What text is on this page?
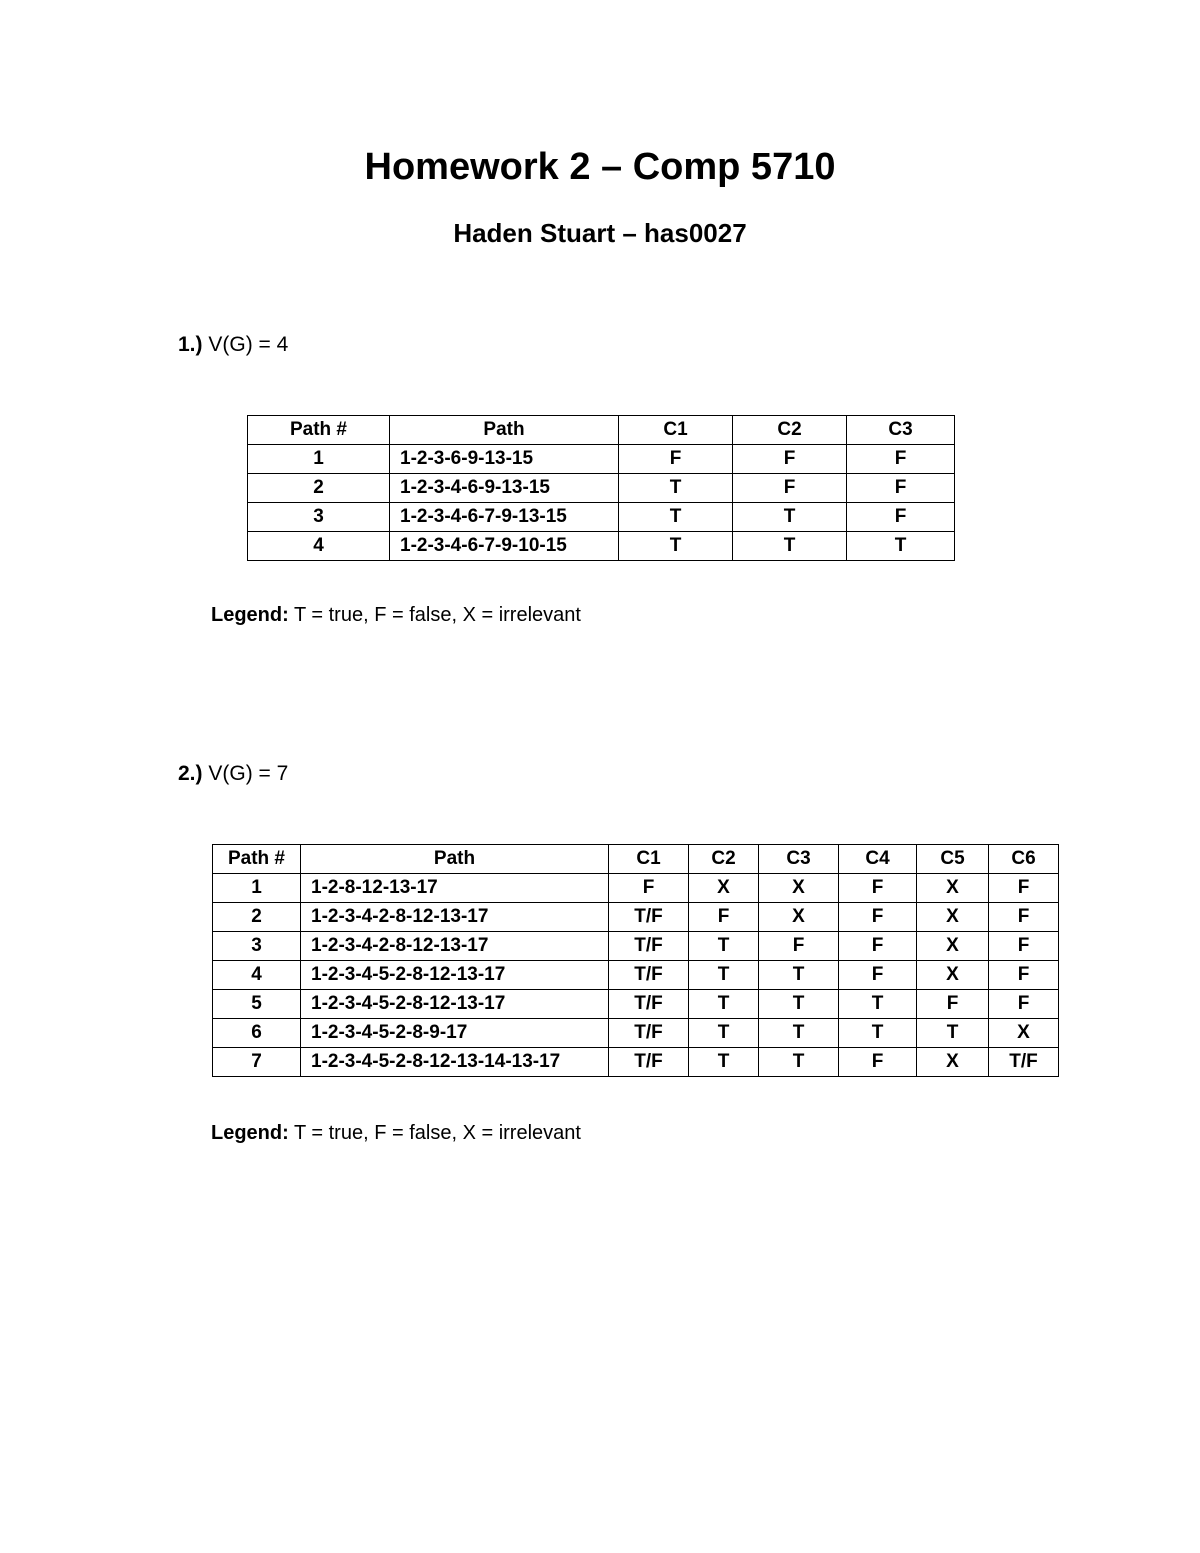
Homework 2 – Comp 5710
Haden Stuart – has0027
1.) V(G) = 4
Path #	Path	C1	C2	C3
1	1-2-3-6-9-13-15	F	F	F
2	1-2-3-4-6-9-13-15	T	F	F
3	1-2-3-4-6-7-9-13-15	T	T	F
4	1-2-3-4-6-7-9-10-15	T	T	T
Legend: T = true, F = false, X = irrelevant
2.) V(G) = 7
Path #	Path	C1	C2	C3	C4	C5	C6
1	1-2-8-12-13-17	F	X	X	F	X	F
2	1-2-3-4-2-8-12-13-17	T/F	F	X	F	X	F
3	1-2-3-4-2-8-12-13-17	T/F	T	F	F	X	F
4	1-2-3-4-5-2-8-12-13-17	T/F	T	T	F	X	F
5	1-2-3-4-5-2-8-12-13-17	T/F	T	T	T	F	F
6	1-2-3-4-5-2-8-9-17	T/F	T	T	T	T	X
7	1-2-3-4-5-2-8-12-13-14-13-17	T/F	T	T	F	X	T/F
Legend: T = true, F = false, X = irrelevant
